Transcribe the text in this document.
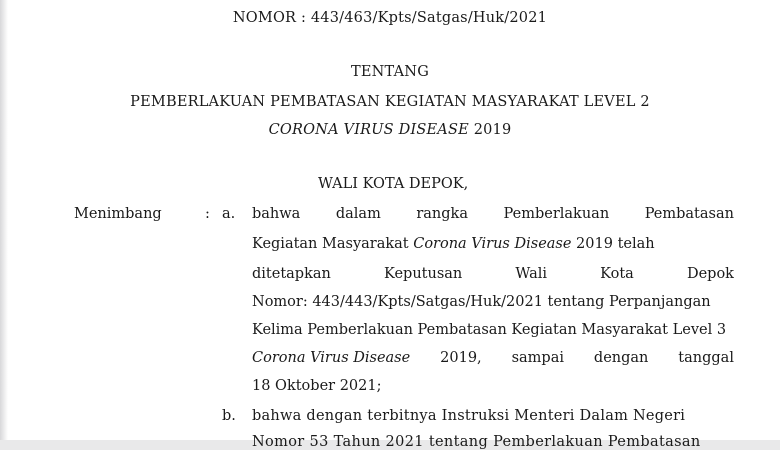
NOMOR : 443/463/Kpts/Satgas/Huk/2021
TENTANG
PEMBERLAKUAN PEMBATASAN KEGIATAN MASYARAKAT LEVEL 2
CORONA VIRUS DISEASE 2019
WALI KOTA DEPOK,
Menimbang	: a. bahwa dalam rangka Pemberlakuan Pembatasan
Kegiatan Masyarakat Corona Virus Disease 2019 telah
ditetapkan	Keputusan	Wali	Kota	Depok
Nomor: 443/443/Kpts/Satgas/Huk/2021 tentang Perpanjangan
Kelima Pemberlakuan Pembatasan Kegiatan Masyarakat Level 3
Corona Virus Disease 2019, sampai dengan tanggal
18 Oktober 2021;
b. bahwa dengan terbitnya Instruksi Menteri Dalam Negeri
Nomor 53 Tahun 2021 tentang Pemberlakuan Pembatasan
